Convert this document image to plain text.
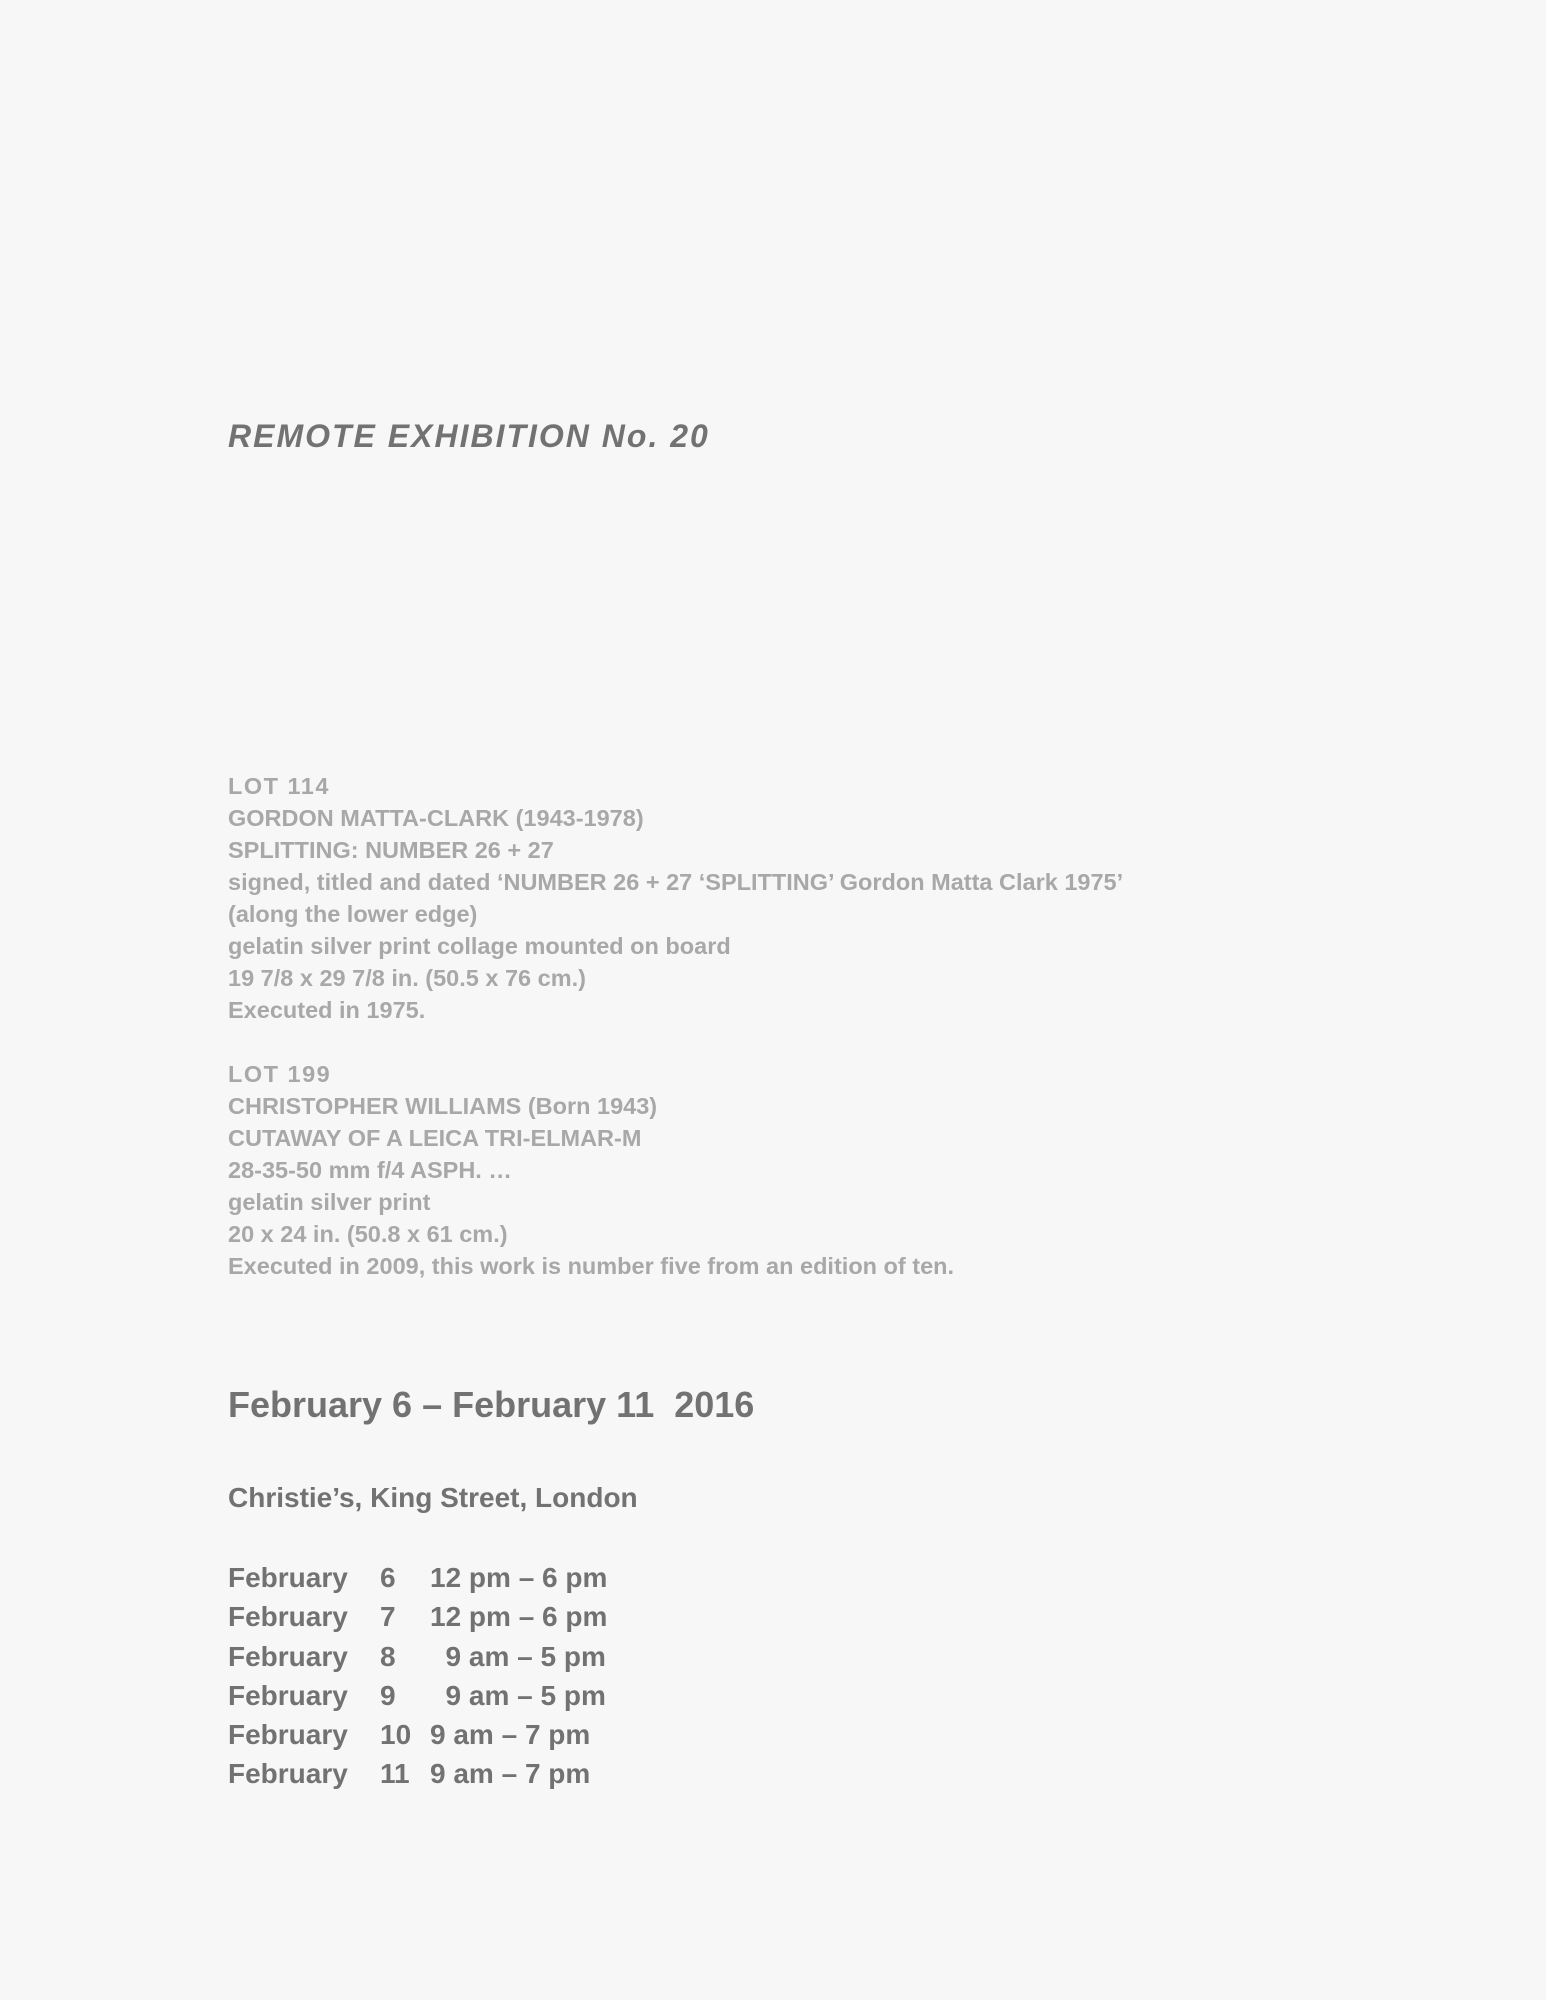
REMOTE EXHIBITION No. 20
LOT 114
GORDON MATTA-CLARK (1943-1978)
SPLITTING: NUMBER 26 + 27
signed, titled and dated ‘NUMBER 26 + 27 ‘SPLITTING’ Gordon Matta Clark 1975’
(along the lower edge)
gelatin silver print collage mounted on board
19 7/8 x 29 7/8 in. (50.5 x 76 cm.)
Executed in 1975.
LOT 199
CHRISTOPHER WILLIAMS (Born 1943)
CUTAWAY OF A LEICA TRI-ELMAR-M
28-35-50 mm f/4 ASPH. …
gelatin silver print
20 x 24 in. (50.8 x 61 cm.)
Executed in 2009, this work is number five from an edition of ten.
February 6 – February 11  2016
Christie’s, King Street, London
February	6	12 pm – 6 pm
February	7	12 pm – 6 pm
February	8	9 am – 5 pm
February	9	9 am – 5 pm
February	10 9 am – 7 pm
February	11 9 am – 7 pm
